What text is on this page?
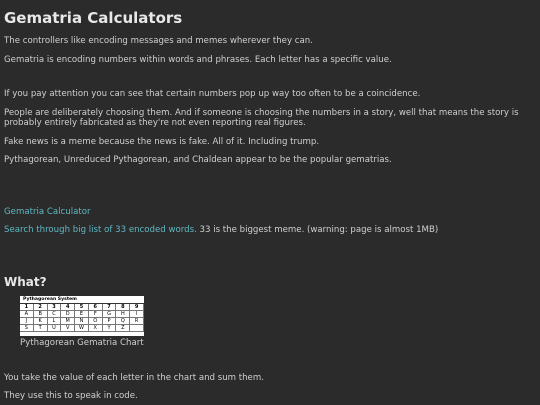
Gematria Calculators
The controllers like encoding messages and memes wherever they can.
Gematria is encoding numbers within words and phrases. Each letter has a specific value.
If you pay attention you can see that certain numbers pop up way too often to be a coincidence.
People are deliberately choosing them. And if someone is choosing the numbers in a story, well that means the story is
probably entirely fabricated as they're not even reporting real figures.
Fake news is a meme because the news is fake. All of it. Including trump.
Pythagorean, Unreduced Pythagorean, and Chaldean appear to be the popular gematrias.
Gematria Calculator
Search through big list of 33 encoded words. 33 is the biggest meme. (warning: page is almost 1MB)
What?
Pythagorean System
1	2	3	4	5	6	7	8	9
A	B	C	D	E	F	G	H	I
J	K	L	M	N	O	P	Q	R
S	T	U	V	W	X	Y	Z
Pythagorean Gematria Chart
You take the value of each letter in the chart and sum them.
They use this to speak in code.
